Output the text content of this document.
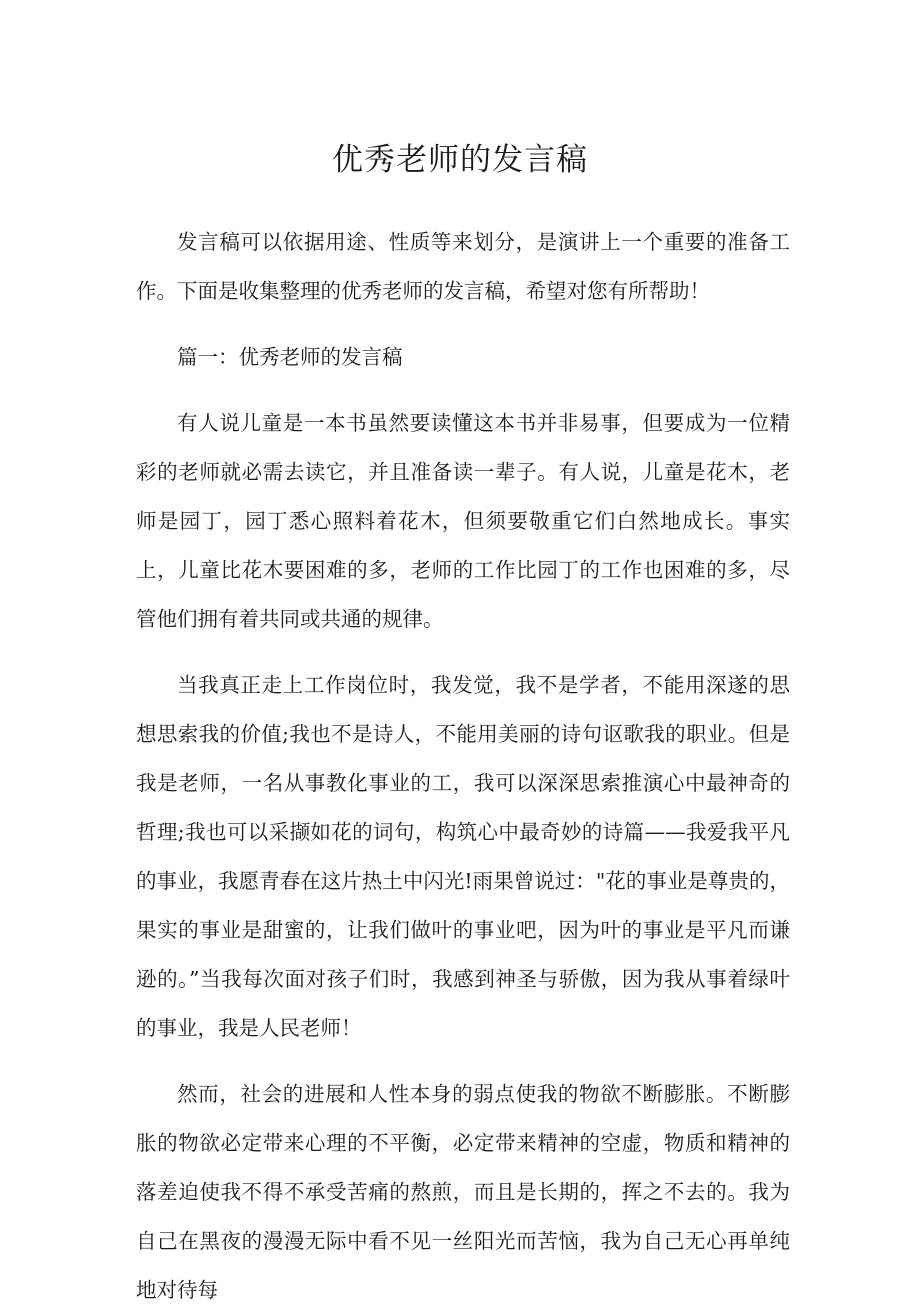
优秀老师的发言稿

发言稿可以依据用途、性质等来划分，是演讲上一个重要的准备工作。下面是收集整理的优秀老师的发言稿，希望对您有所帮助！

篇一：优秀老师的发言稿

有人说儿童是一本书虽然要读懂这本书并非易事，但要成为一位精彩的老师就必需去读它，并且准备读一辈子。有人说，儿童是花木，老师是园丁，园丁悉心照料着花木，但须要敬重它们白然地成长。事实上，儿童比花木要困难的多，老师的工作比园丁的工作也困难的多，尽管他们拥有着共同或共通的规律。

当我真正走上工作岗位时，我发觉，我不是学者，不能用深遂的思想思索我的价值;我也不是诗人，不能用美丽的诗句讴歌我的职业。但是我是老师，一名从事教化事业的工，我可以深深思索推演心中最神奇的哲理;我也可以采撷如花的词句，构筑心中最奇妙的诗篇——我爱我平凡的事业，我愿青春在这片热土中闪光!雨果曾说过："花的事业是尊贵的，果实的事业是甜蜜的，让我们做叶的事业吧，因为叶的事业是平凡而谦逊的。”当我每次面对孩子们时，我感到神圣与骄傲，因为我从事着绿叶的事业，我是人民老师！

然而，社会的进展和人性本身的弱点使我的物欲不断膨胀。不断膨胀的物欲必定带来心理的不平衡，必定带来精神的空虚，物质和精神的落差迫使我不得不承受苦痛的熬煎，而且是长期的，挥之不去的。我为自己在黑夜的漫漫无际中看不见一丝阳光而苦恼，我为自己无心再单纯地对待每
